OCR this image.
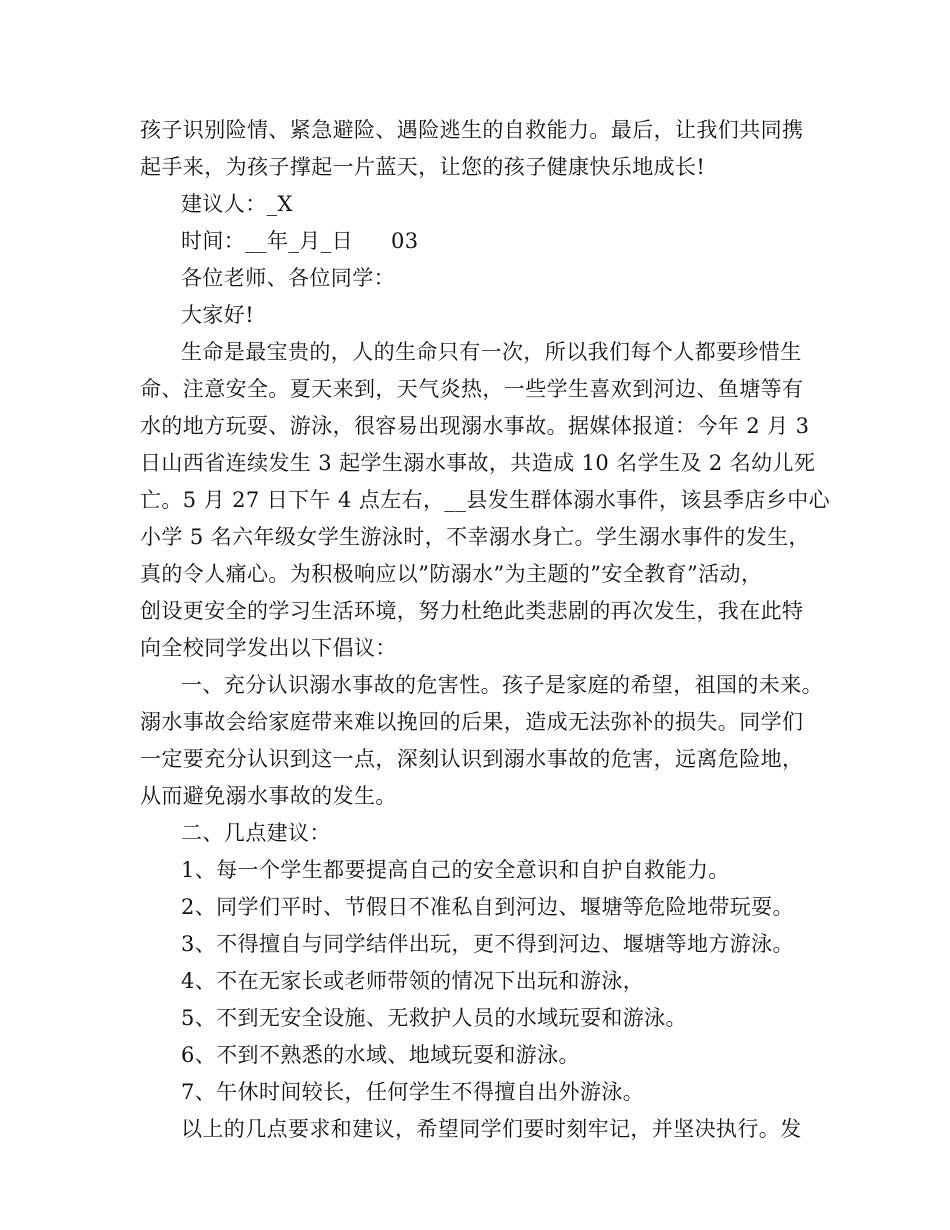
孩子识别险情、紧急避险、遇险逃生的自救能力。最后，让我们共同携
起手来，为孩子撑起一片蓝天，让您的孩子健康快乐地成长!
建议人：_X
时间：__年_月_日 03
各位老师、各位同学：
大家好!
生命是最宝贵的，人的生命只有一次，所以我们每个人都要珍惜生
命、注意安全。夏天来到，天气炎热，一些学生喜欢到河边、鱼塘等有
水的地方玩耍、游泳，很容易出现溺水事故。据媒体报道：今年 2 月 3
日山西省连续发生 3 起学生溺水事故，共造成 10 名学生及 2 名幼儿死
亡。5 月 27 日下午 4 点左右，__县发生群体溺水事件，该县季店乡中心
小学 5 名六年级女学生游泳时，不幸溺水身亡。学生溺水事件的发生，
真的令人痛心。为积极响应以”防溺水”为主题的”安全教育”活动，
创设更安全的学习生活环境，努力杜绝此类悲剧的再次发生，我在此特
向全校同学发出以下倡议：
一、充分认识溺水事故的危害性。孩子是家庭的希望，祖国的未来。
溺水事故会给家庭带来难以挽回的后果，造成无法弥补的损失。同学们
一定要充分认识到这一点，深刻认识到溺水事故的危害，远离危险地，
从而避免溺水事故的发生。
二、几点建议：
1、每一个学生都要提高自己的安全意识和自护自救能力。
2、同学们平时、节假日不准私自到河边、堰塘等危险地带玩耍。
3、不得擅自与同学结伴出玩，更不得到河边、堰塘等地方游泳。
4、不在无家长或老师带领的情况下出玩和游泳，
5、不到无安全设施、无救护人员的水域玩耍和游泳。
6、不到不熟悉的水域、地域玩耍和游泳。
7、午休时间较长，任何学生不得擅自出外游泳。
以上的几点要求和建议，希望同学们要时刻牢记，并坚决执行。发
